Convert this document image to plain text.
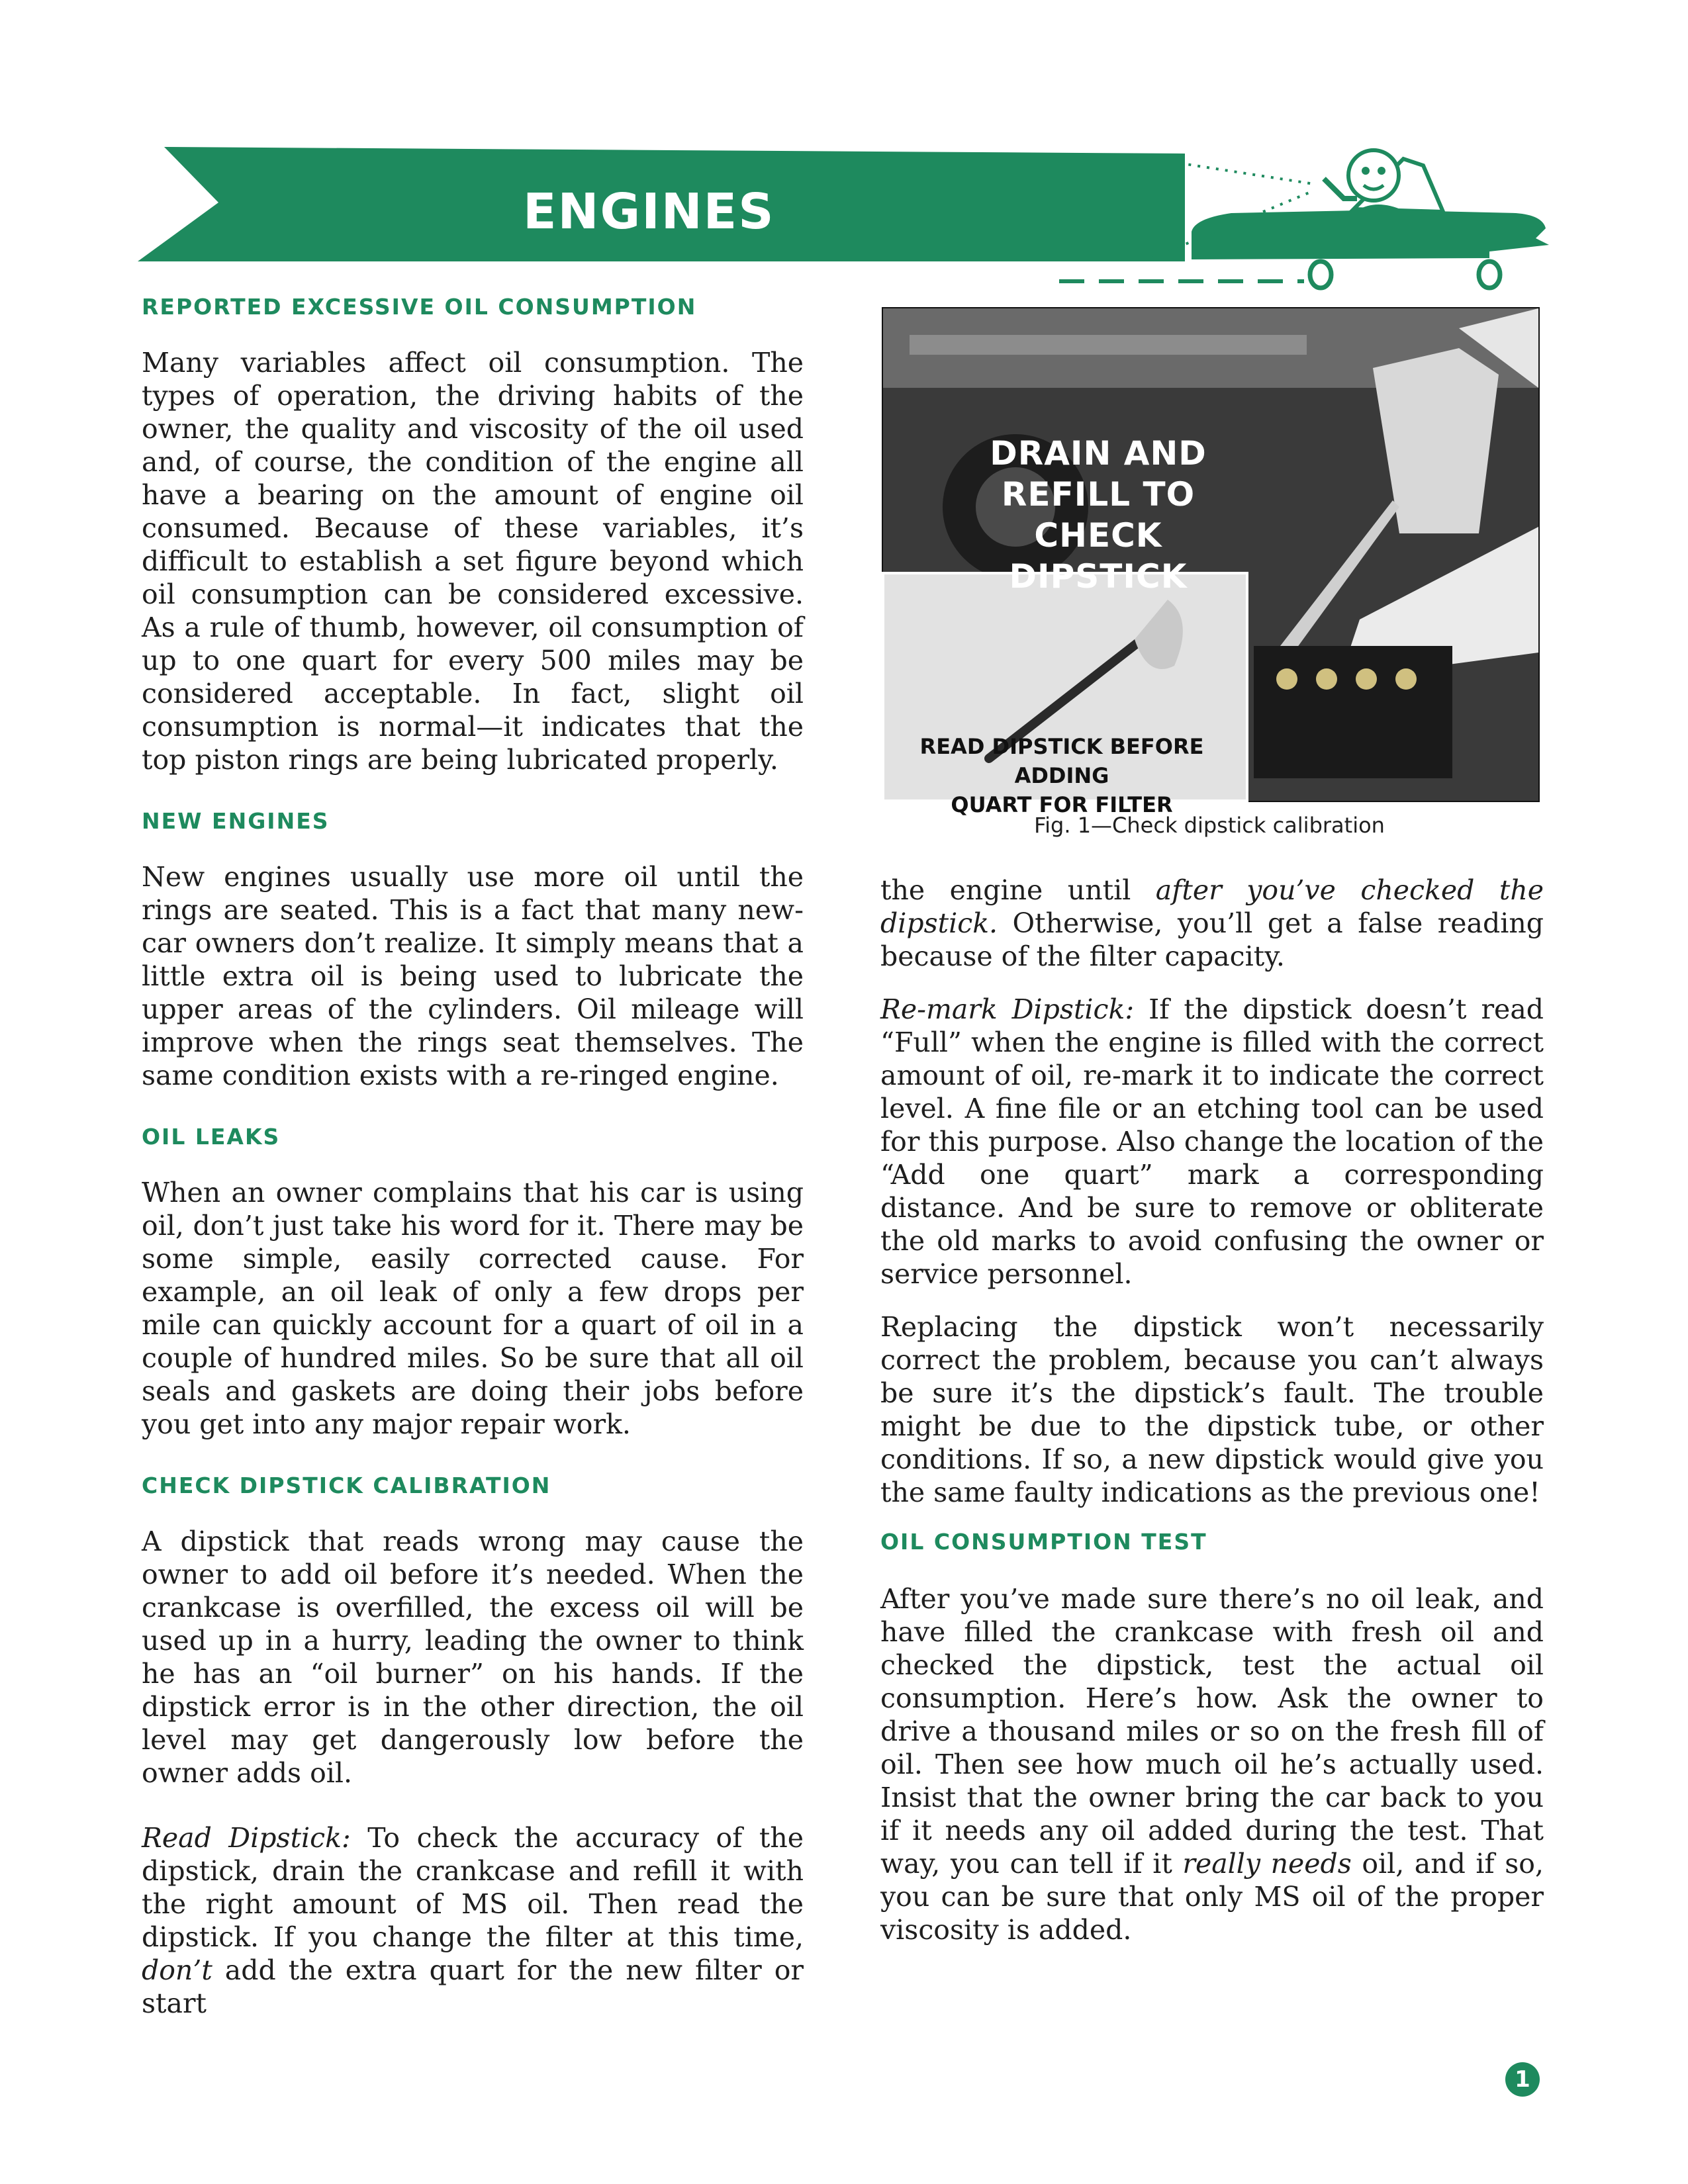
ENGINES
REPORTED EXCESSIVE OIL CONSUMPTION

Many variables affect oil consumption. The types of operation, the driving habits of the owner, the quality and viscosity of the oil used and, of course, the condition of the engine all have a bearing on the amount of engine oil consumed. Because of these variables, it’s difficult to establish a set figure beyond which oil consumption can be considered excessive. As a rule of thumb, however, oil consumption of up to one quart for every 500 miles may be considered acceptable. In fact, slight oil consumption is normal—it indicates that the top piston rings are being lubricated properly.

NEW ENGINES

New engines usually use more oil until the rings are seated. This is a fact that many new-car owners don’t realize. It simply means that a little extra oil is being used to lubricate the upper areas of the cylinders. Oil mileage will improve when the rings seat themselves. The same condition exists with a re-ringed engine.

OIL LEAKS

When an owner complains that his car is using oil, don’t just take his word for it. There may be some simple, easily corrected cause. For example, an oil leak of only a few drops per mile can quickly account for a quart of oil in a couple of hundred miles. So be sure that all oil seals and gaskets are doing their jobs before you get into any major repair work.

CHECK DIPSTICK CALIBRATION

A dipstick that reads wrong may cause the owner to add oil before it’s needed. When the crankcase is overfilled, the excess oil will be used up in a hurry, leading the owner to think he has an “oil burner” on his hands. If the dipstick error is in the other direction, the oil level may get dangerously low before the owner adds oil.

Read Dipstick: To check the accuracy of the dipstick, drain the crankcase and refill it with the right amount of MS oil. Then read the dipstick. If you change the filter at this time, don’t add the extra quart for the new filter or start

DRAIN AND
REFILL TO
CHECK DIPSTICK
READ DIPSTICK BEFORE ADDING
QUART FOR FILTER
Fig. 1—Check dipstick calibration

the engine until after you’ve checked the dipstick. Otherwise, you’ll get a false reading because of the filter capacity.

Re-mark Dipstick: If the dipstick doesn’t read “Full” when the engine is filled with the correct amount of oil, re-mark it to indicate the correct level. A fine file or an etching tool can be used for this purpose. Also change the location of the “Add one quart” mark a corresponding distance. And be sure to remove or obliterate the old marks to avoid confusing the owner or service personnel.

Replacing the dipstick won’t necessarily correct the problem, because you can’t always be sure it’s the dipstick’s fault. The trouble might be due to the dipstick tube, or other conditions. If so, a new dipstick would give you the same faulty indications as the previous one!

OIL CONSUMPTION TEST

After you’ve made sure there’s no oil leak, and have filled the crankcase with fresh oil and checked the dipstick, test the actual oil consumption. Here’s how. Ask the owner to drive a thousand miles or so on the fresh fill of oil. Then see how much oil he’s actually used. Insist that the owner bring the car back to you if it needs any oil added during the test. That way, you can tell if it really needs oil, and if so, you can be sure that only MS oil of the proper viscosity is added.

1
